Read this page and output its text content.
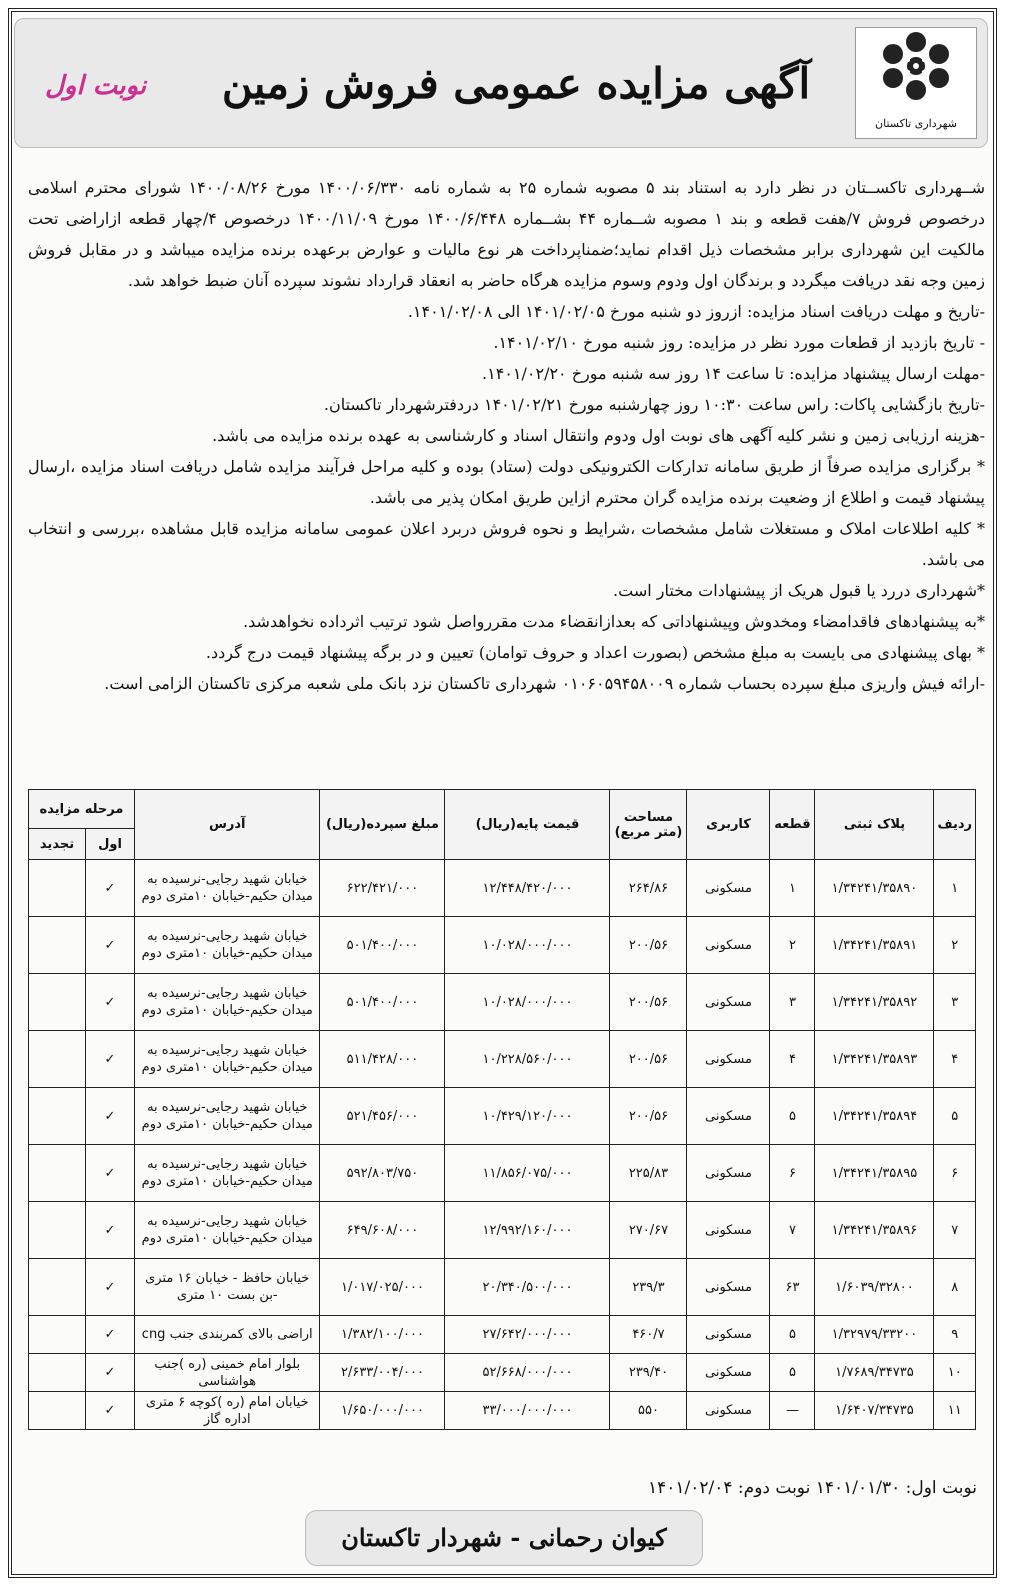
شهرداری تاکستان
آگهی مزایده عمومی فروش زمین
نوبت اول

شــهرداری تاکســتان در نظر دارد به استناد بند ۵ مصوبه شماره ۲۵ به شماره نامه ۱۴۰۰/۰۶/۳۳۰ مورخ ۱۴۰۰/۰۸/۲۶ شورای محترم اسلامی درخصوص فروش ۷/هفت قطعه و بند ۱ مصوبه شــماره ۴۴ بشــماره ۱۴۰۰/۶/۴۴۸ مورخ ۱۴۰۰/۱۱/۰۹ درخصوص ۴/چهار قطعه ازاراضی تحت مالکیت این شهرداری برابر مشخصات ذیل اقدام نماید؛ضمناپرداخت هر نوع مالیات و عوارض برعهده برنده مزایده میباشد و در مقابل فروش زمین وجه نقد دریافت میگردد و برندگان اول ودوم وسوم مزایده هرگاه حاضر به انعقاد قرارداد نشوند سپرده آنان ضبط خواهد شد.

-تاریخ و مهلت دریافت اسناد مزایده: ازروز دو شنبه مورخ ۱۴۰۱/۰۲/۰۵ الی ۱۴۰۱/۰۲/۰۸.

- تاریخ بازدید از قطعات مورد نظر در مزایده: روز شنبه مورخ ۱۴۰۱/۰۲/۱۰.

-مهلت ارسال پیشنهاد مزایده: تا ساعت ۱۴ روز سه شنبه مورخ ۱۴۰۱/۰۲/۲۰.

-تاریخ بازگشایی پاکات: راس ساعت ۱۰:۳۰ روز چهارشنبه مورخ ۱۴۰۱/۰۲/۲۱ دردفترشهردار تاکستان.

-هزینه ارزیابی زمین و نشر کلیه آگهی های نوبت اول ودوم وانتقال اسناد و کارشناسی به عهده برنده مزایده می باشد.

* برگزاری مزایده صرفاً از طریق سامانه تدارکات الکترونیکی دولت (ستاد) بوده و کلیه مراحل فرآیند مزایده شامل دریافت اسناد مزایده ،ارسال پیشنهاد قیمت و اطلاع از وضعیت برنده مزایده گران محترم ازاین طریق امکان پذیر می باشد.

* کلیه اطلاعات املاک و مستغلات شامل مشخصات ،شرایط و نحوه فروش دربرد اعلان عمومی سامانه مزایده قابل مشاهده ،بررسی و انتخاب می باشد.

*شهرداری دررد یا قبول هریک از پیشنهادات مختار است.

*به پیشنهادهای فاقدامضاء ومخدوش وپیشنهاداتی که بعدازانقضاء مدت مقررواصل شود ترتیب اثرداده نخواهدشد.

* بهای پیشنهادی می بایست به مبلغ مشخص (بصورت اعداد و حروف توامان) تعیین و در برگه پیشنهاد قیمت درج گردد.

-ارائه فیش واریزی مبلغ سپرده بحساب شماره ۰۱۰۶۰۵۹۴۵۸۰۰۹ شهرداری تاکستان نزد بانک ملی شعبه مرکزی تاکستان الزامی است.

ردیف	پلاک ثبتی	قطعه	کاربری	مساحت (متر مربع)	قیمت پایه(ریال)	مبلغ سپرده(ریال)	آدرس	مرحله مزایده	
								اول	تجدید
۱	۱/۳۴۲۴۱/۳۵۸۹۰	۱	مسکونی	۲۶۴/۸۶	۱۲/۴۴۸/۴۲۰/۰۰۰	۶۲۲/۴۲۱/۰۰۰	خیابان شهید رجایی-نرسیده به میدان حکیم-خیابان ۱۰متری دوم	✓	
۲	۱/۳۴۲۴۱/۳۵۸۹۱	۲	مسکونی	۲۰۰/۵۶	۱۰/۰۲۸/۰۰۰/۰۰۰	۵۰۱/۴۰۰/۰۰۰	خیابان شهید رجایی-نرسیده به میدان حکیم-خیابان ۱۰متری دوم	✓	
۳	۱/۳۴۲۴۱/۳۵۸۹۲	۳	مسکونی	۲۰۰/۵۶	۱۰/۰۲۸/۰۰۰/۰۰۰	۵۰۱/۴۰۰/۰۰۰	خیابان شهید رجایی-نرسیده به میدان حکیم-خیابان ۱۰متری دوم	✓	
۴	۱/۳۴۲۴۱/۳۵۸۹۳	۴	مسکونی	۲۰۰/۵۶	۱۰/۲۲۸/۵۶۰/۰۰۰	۵۱۱/۴۲۸/۰۰۰	خیابان شهید رجایی-نرسیده به میدان حکیم-خیابان ۱۰متری دوم	✓	
۵	۱/۳۴۲۴۱/۳۵۸۹۴	۵	مسکونی	۲۰۰/۵۶	۱۰/۴۲۹/۱۲۰/۰۰۰	۵۲۱/۴۵۶/۰۰۰	خیابان شهید رجایی-نرسیده به میدان حکیم-خیابان ۱۰متری دوم	✓	
۶	۱/۳۴۲۴۱/۳۵۸۹۵	۶	مسکونی	۲۲۵/۸۳	۱۱/۸۵۶/۰۷۵/۰۰۰	۵۹۲/۸۰۳/۷۵۰	خیابان شهید رجایی-نرسیده به میدان حکیم-خیابان ۱۰متری دوم	✓	
۷	۱/۳۴۲۴۱/۳۵۸۹۶	۷	مسکونی	۲۷۰/۶۷	۱۲/۹۹۲/۱۶۰/۰۰۰	۶۴۹/۶۰۸/۰۰۰	خیابان شهید رجایی-نرسیده به میدان حکیم-خیابان ۱۰متری دوم	✓	
۸	۱/۶۰۳۹/۳۲۸۰۰	۶۳	مسکونی	۲۳۹/۳	۲۰/۳۴۰/۵۰۰/۰۰۰	۱/۰۱۷/۰۲۵/۰۰۰	خیابان حافظ - خیابان ۱۶ متری -بن بست ۱۰ متری	✓	
۹	۱/۳۲۹۷۹/۳۳۲۰۰	۵	مسکونی	۴۶۰/۷	۲۷/۶۴۲/۰۰۰/۰۰۰	۱/۳۸۲/۱۰۰/۰۰۰	اراضی بالای کمربندی جنب cng	✓	
۱۰	۱/۷۶۸۹/۳۴۷۳۵	۵	مسکونی	۲۳۹/۴۰	۵۲/۶۶۸/۰۰۰/۰۰۰	۲/۶۳۳/۰۰۴/۰۰۰	بلوار امام خمینی (ره )جنب هواشناسی	✓	
۱۱	۱/۶۴۰۷/۳۴۷۳۵	—	مسکونی	۵۵۰	۳۳/۰۰۰/۰۰۰/۰۰۰	۱/۶۵۰/۰۰۰/۰۰۰	خیابان امام (ره )کوچه ۶ متری اداره گاز	✓	
نوبت اول: ۱۴۰۱/۰۱/۳۰ نوبت دوم: ۱۴۰۱/۰۲/۰۴
کیوان رحمانی - شهردار تاکستان
